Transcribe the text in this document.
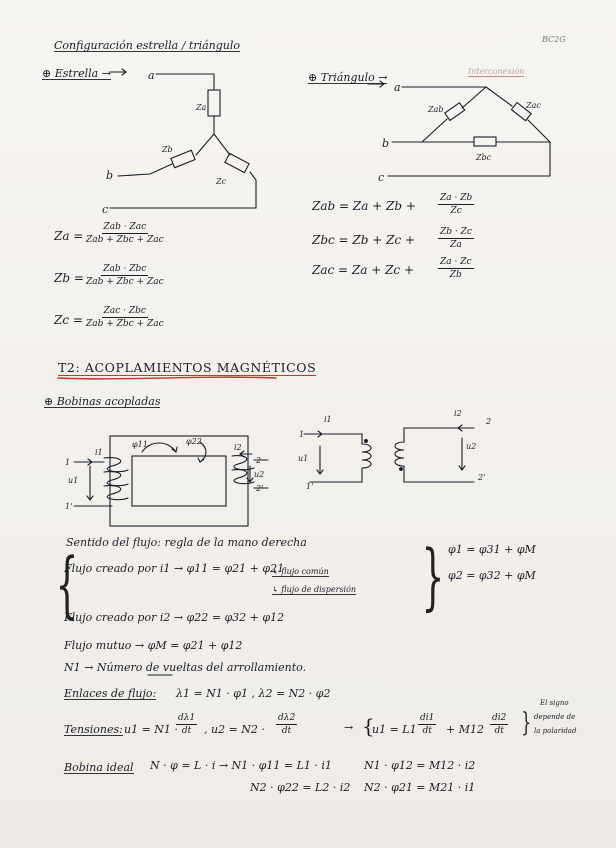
BC2G
Interconexión
Configuración estrella / triángulo
⊕ Estrella →	a
Za
b
Zb
Zc
c
Za =
Zab · Zac
Zab + Zbc + Zac
Zb =
Zab · Zbc
Zab + Zbc + Zac
Zc =
Zac · Zbc
Zab + Zbc + Zac
⊕ Triángulo →
a
Zab	Zac
b
Zbc
c
Zab = $Za + Zb + \frac{Za \cdot Zb}{Zc}$
Zbc = Zb + Zc +	$\frac{Zb \cdot Zc}{Za}$
Zac = Za + Zc +	$\frac{Za \cdot Zc}{Zb}$
T2: ACOPLAMIENTOS MAGNÉTICOS
⊕ Bobinas acopladas
φ11	φ22
i1
i2
1	2
u1
u2
1'
2'
i1
1
u1
1'
i2
2
u2
2'
Sentido del flujo: regla de la mano derecha
{
Flujo creado por i1 → φ11 = φ21 + φ21
↳ flujo común
↳ flujo de dispersión
Flujo creado por i2 → φ22 = φ32 + φ12 } φ1 = φ31 + φM
φ2 = φ32 + φM
Flujo mutuo → φM = φ21 + φ12
N1 → Número de vueltas del arrollamiento.
Enlaces de flujo: λ1 = N1 · φ1 , λ2 = N2 · φ2
Tensiones: u1 = N1 ·
$\frac{d\lambda 1}{dt}$ , $u2 = N2 \cdot \frac{d\lambda 2}{dt}$	→ {
$u1 = L1 \frac{di1}{dt} + M12 \frac{di2}{dt}$ }
El signo
depende de
la polaridad
Bobina ideal N · φ = L · i → N1 · φ11 = L1 · i1
N2 · φ22 = L2 · i2
N1 · φ12 = M12 · i2
N2 · φ21 = M21 · i1
